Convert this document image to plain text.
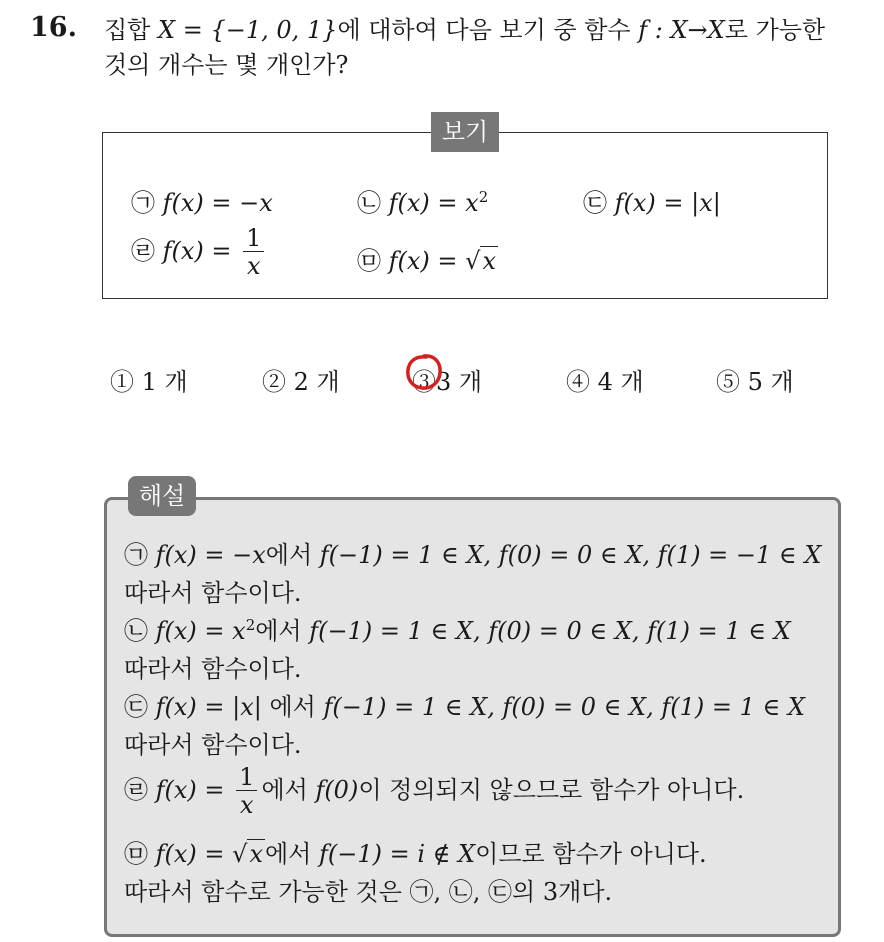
16. 집합 X = {−1, 0, 1}에 대하여 다음 보기 중 함수 f : X→X로 가능한
것의 개수는 몇 개인가?
보기
㉠ f(x) = −x	㉡ $f(x) = x^2$	㉢ f(x) = |x|
㉣ $f(x) = \frac{1}{x}$	㉤ f(x) = √x
① 1 개	② 2 개	③3 개	④ 4 개	⑤ 5 개
해설
㉠ f(x) = −x에서 f(−1) = 1 ∈ X, f(0) = 0 ∈ X, f(1) = −1 ∈ X
따라서 함수이다.
㉡ $f(x) = x^2$에서 f(−1) = 1 ∈ X, f(0) = 0 ∈ X, f(1) = 1 ∈ X
따라서 함수이다.
㉢ f(x) = |x| 에서 f(−1) = 1 ∈ X, f(0) = 0 ∈ X, f(1) = 1 ∈ X
따라서 함수이다.
㉣ $f(x) = \frac{1}{x}$ 에서 f(0)이 정의되지 않으므로 함수가 아니다.
㉤ f(x) = √x에서 f(−1) = i ∉ X이므로 함수가 아니다.
따라서 함수로 가능한 것은 ㉠, ㉡, ㉢의 3개다.
